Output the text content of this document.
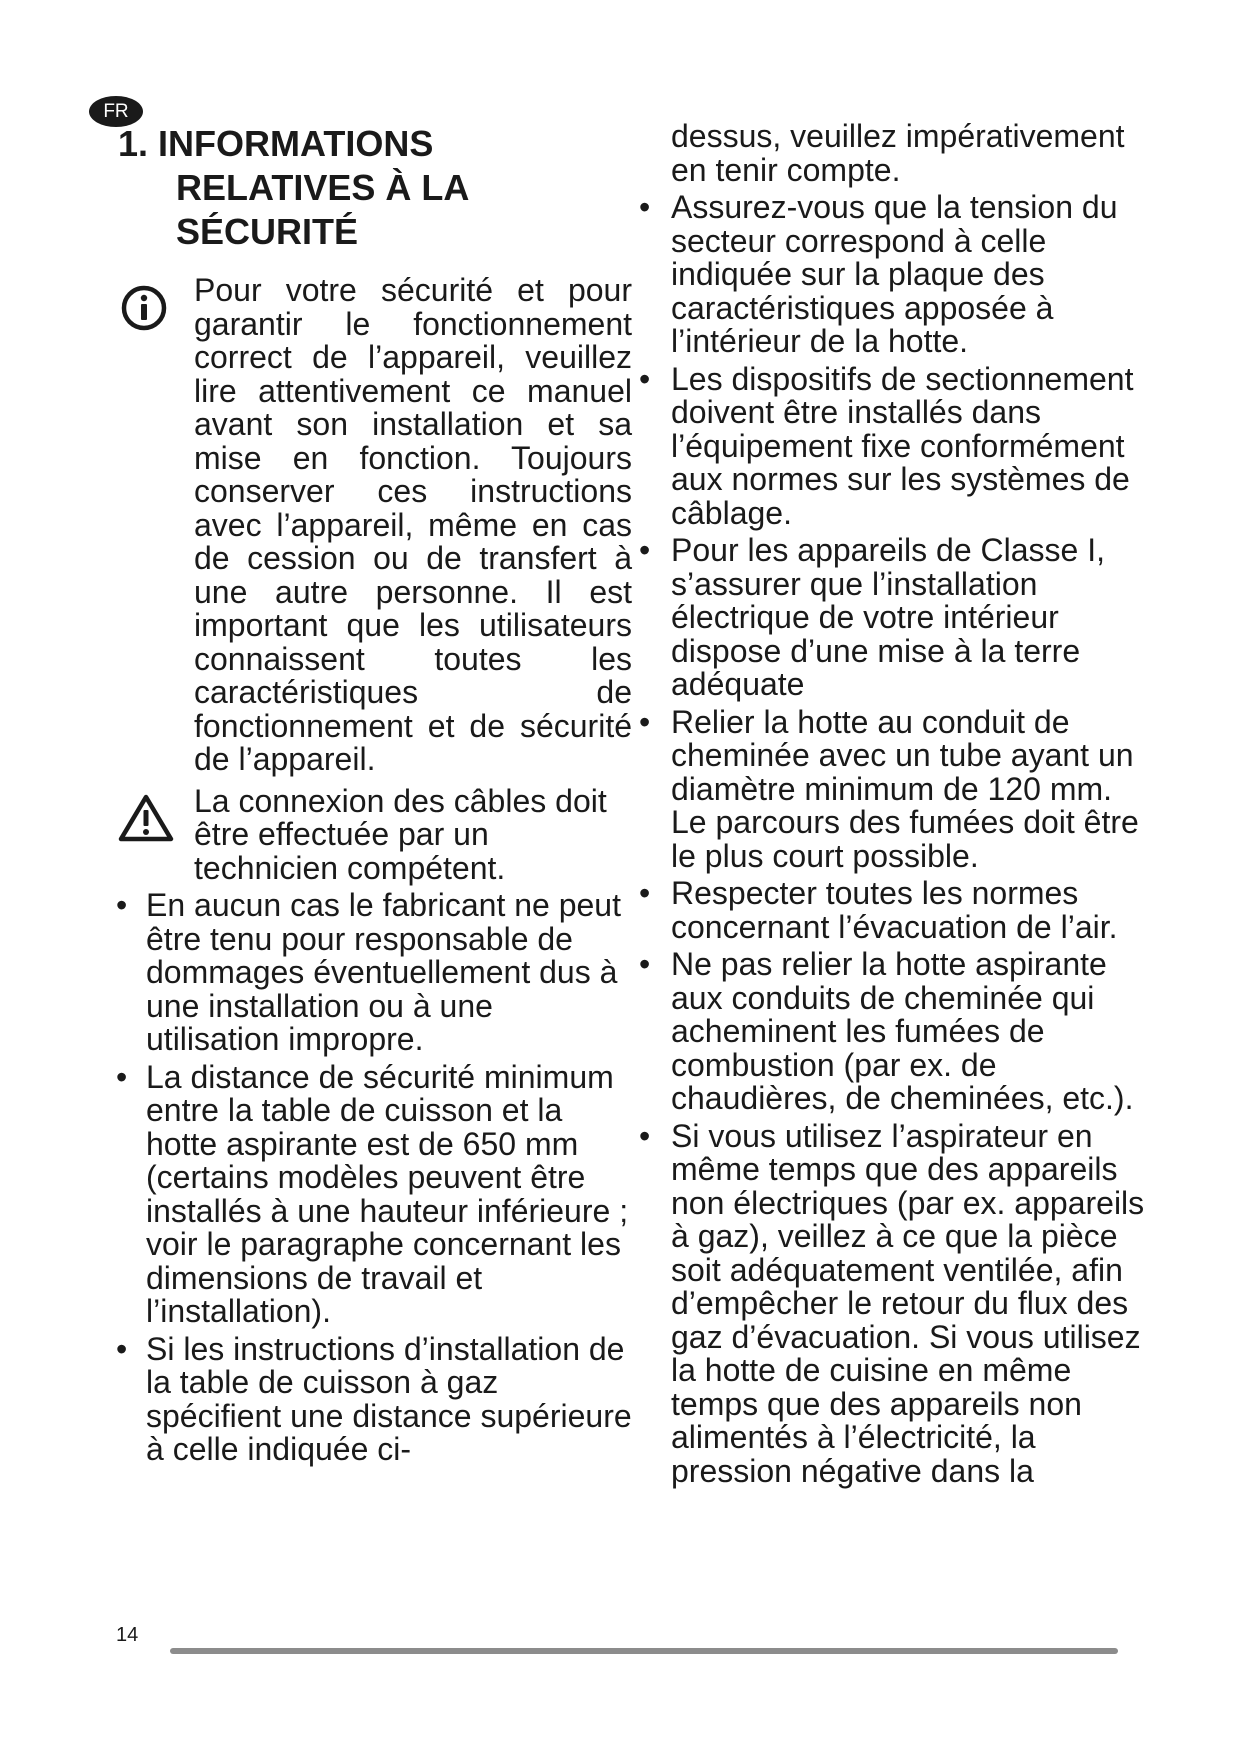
FR
1. INFORMATIONS
RELATIVES À LA
SÉCURITÉ
Pour votre sécurité et pour garantir le fonctionnement correct de l’appareil, veuillez lire attentivement ce manuel avant son installation et sa mise en fonction. Toujours conserver ces instructions avec l’appareil, même en cas de cession ou de transfert à une autre personne. Il est important que les utilisateurs connaissent toutes les caractéristiques de fonctionnement et de sécurité de l’appareil.
La connexion des câbles doit être effectuée par un technicien compétent.
• En aucun cas le fabricant ne peut être tenu pour responsable de dommages éventuellement dus à une installation ou à une utilisation impropre.
• La distance de sécurité minimum entre la table de cuisson et la hotte aspirante est de 650 mm (certains modèles peuvent être installés à une hauteur inférieure ; voir le paragraphe concernant les dimensions de travail et l’installation).
• Si les instructions d’installation de la table de cuisson à gaz spécifient une distance supérieure à celle indiquée ci-
dessus, veuillez impérativement en tenir compte.
• Assurez-vous que la tension du secteur correspond à celle indiquée sur la plaque des caractéristiques apposée à l’intérieur de la hotte.
• Les dispositifs de sectionnement doivent être installés dans l’équipement fixe conformément aux normes sur les systèmes de câblage.
• Pour les appareils de Classe I, s’assurer que l’installation électrique de votre intérieur dispose d’une mise à la terre adéquate
• Relier la hotte au conduit de cheminée avec un tube ayant un diamètre minimum de 120 mm. Le parcours des fumées doit être le plus court possible.
• Respecter toutes les normes concernant l’évacuation de l’air.
• Ne pas relier la hotte aspirante aux conduits de cheminée qui acheminent les fumées de combustion (par ex. de chaudières, de cheminées, etc.).
• Si vous utilisez l’aspirateur en même temps que des appareils non électriques (par ex. appareils à gaz), veillez à ce que la pièce soit adéquatement ventilée, afin d’empêcher le retour du flux des gaz d’évacuation. Si vous utilisez la hotte de cuisine en même temps que des appareils non alimentés à l’électricité, la pression négative dans la
14
